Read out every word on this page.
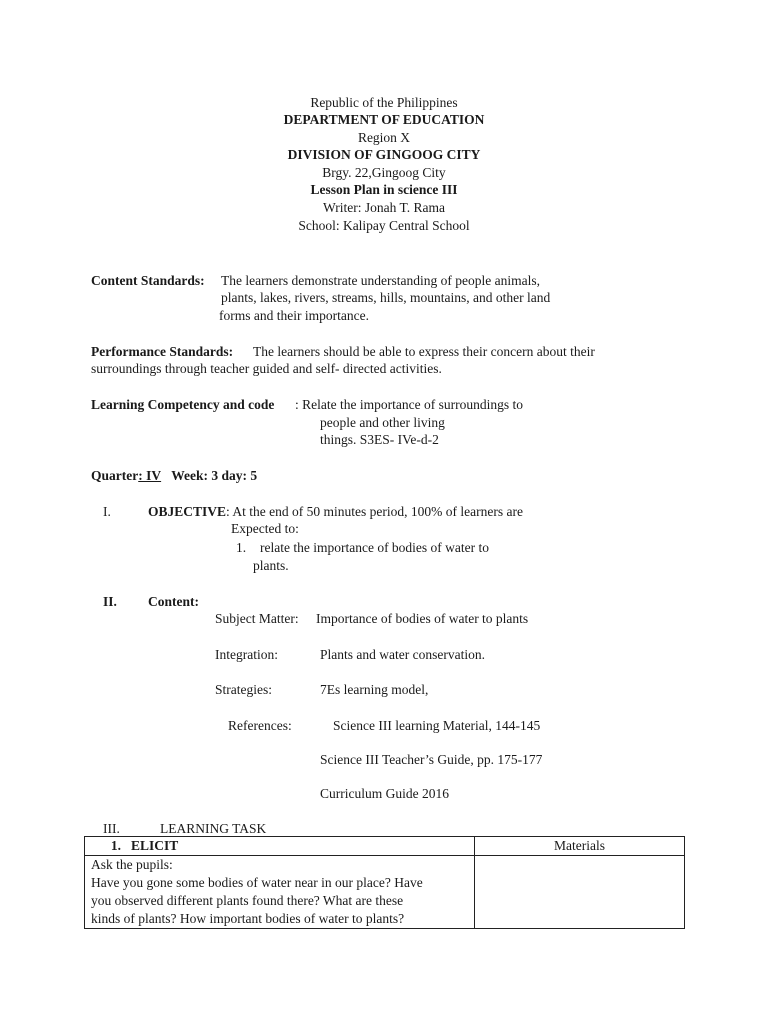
Republic of the Philippines
DEPARTMENT OF EDUCATION
Region X
DIVISION OF GINGOOG CITY
Brgy. 22,Gingoog City
Lesson Plan in science III
Writer: Jonah T. Rama
School: Kalipay Central School
Content Standards: The learners demonstrate understanding of people animals,
plants, lakes, rivers, streams, hills, mountains, and other land
forms and their importance.
Performance Standards: The learners should be able to express their concern about their
surroundings through teacher guided and self- directed activities.
Learning Competency and code : Relate the importance of surroundings to
people and other living
things. S3ES- IVe-d-2
Quarter: IV Week: 3 day: 5
I.	OBJECTIVE: At the end of 50 minutes period, 100% of learners are
Expected to:
1. relate the importance of bodies of water to
plants.
II. Content:
Subject Matter: Importance of bodies of water to plants
Integration:	Plants and water conservation.
Strategies:	7Es learning model,
References:	Science III learning Material, 144-145
Science III Teacher’s Guide, pp. 175-177
Curriculum Guide 2016
III.	LEARNING TASK
1. ELICIT	Materials

Ask the pupils:
Have you gone some bodies of water near in our place? Have
you observed different plants found there? What are these
kinds of plants? How important bodies of water to plants?	
